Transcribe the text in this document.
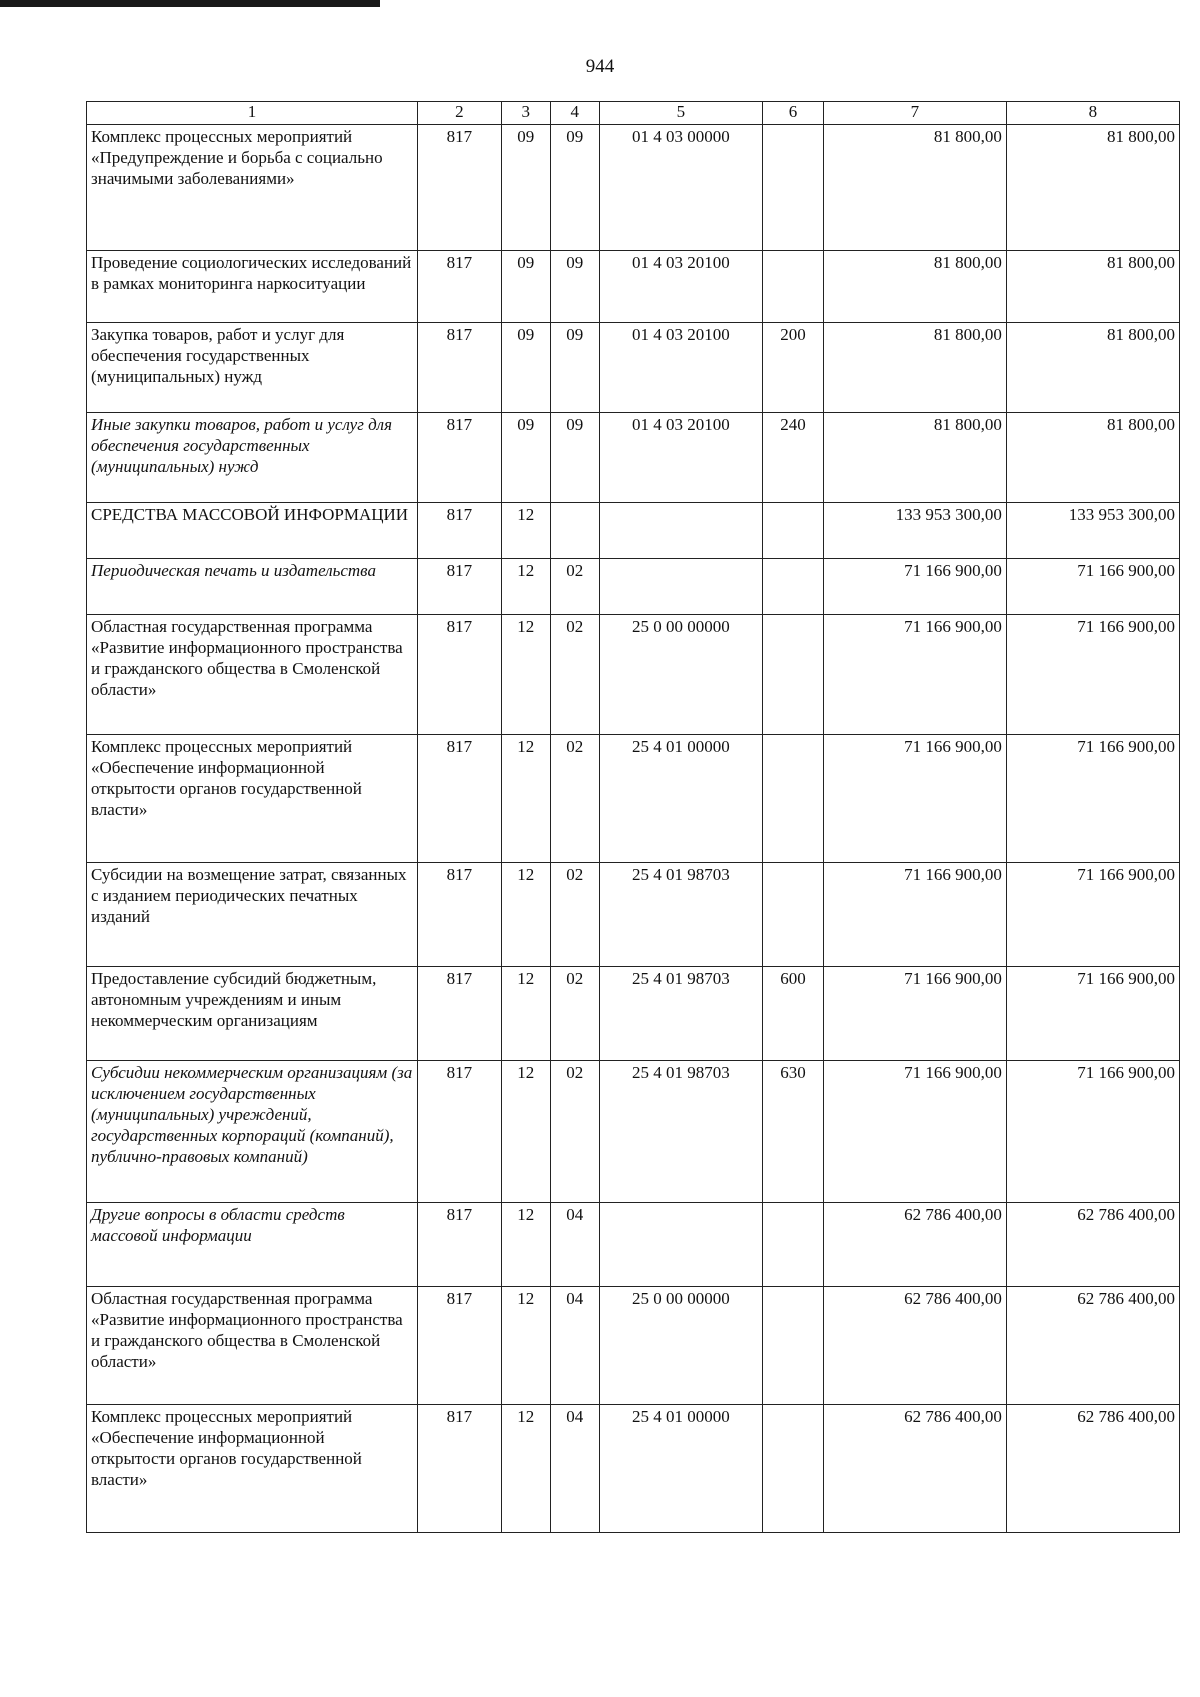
944
1	2	3	4	5	6	7	8
Комплекс процессных мероприятий «Предупреждение и борьба с социально значимыми заболеваниями»	817	09	09	01 4 03 00000		81 800,00	81 800,00
Проведение социологических исследований в рамках мониторинга наркоситуации	817	09	09	01 4 03 20100		81 800,00	81 800,00
Закупка товаров, работ и услуг для обеспечения государственных (муниципальных) нужд	817	09	09	01 4 03 20100	200	81 800,00	81 800,00
Иные закупки товаров, работ и услуг для обеспечения государственных (муниципальных) нужд	817	09	09	01 4 03 20100	240	81 800,00	81 800,00
СРЕДСТВА МАССОВОЙ ИНФОРМАЦИИ	817	12				133 953 300,00	133 953 300,00
Периодическая печать и издательства	817	12	02			71 166 900,00	71 166 900,00
Областная государственная программа «Развитие информационного пространства и гражданского общества в Смоленской области»	817	12	02	25 0 00 00000		71 166 900,00	71 166 900,00
Комплекс процессных мероприятий «Обеспечение информационной открытости органов государственной власти»	817	12	02	25 4 01 00000		71 166 900,00	71 166 900,00
Субсидии на возмещение затрат, связанных с изданием периодических печатных изданий	817	12	02	25 4 01 98703		71 166 900,00	71 166 900,00
Предоставление субсидий бюджетным, автономным учреждениям и иным некоммерческим организациям	817	12	02	25 4 01 98703	600	71 166 900,00	71 166 900,00
Субсидии некоммерческим организациям (за исключением государственных (муниципальных) учреждений, государственных корпораций (компаний), публично-правовых компаний)	817	12	02	25 4 01 98703	630	71 166 900,00	71 166 900,00
Другие вопросы в области средств массовой информации	817	12	04			62 786 400,00	62 786 400,00
Областная государственная программа «Развитие информационного пространства и гражданского общества в Смоленской области»	817	12	04	25 0 00 00000		62 786 400,00	62 786 400,00
Комплекс процессных мероприятий «Обеспечение информационной открытости органов государственной власти»	817	12	04	25 4 01 00000		62 786 400,00	62 786 400,00
